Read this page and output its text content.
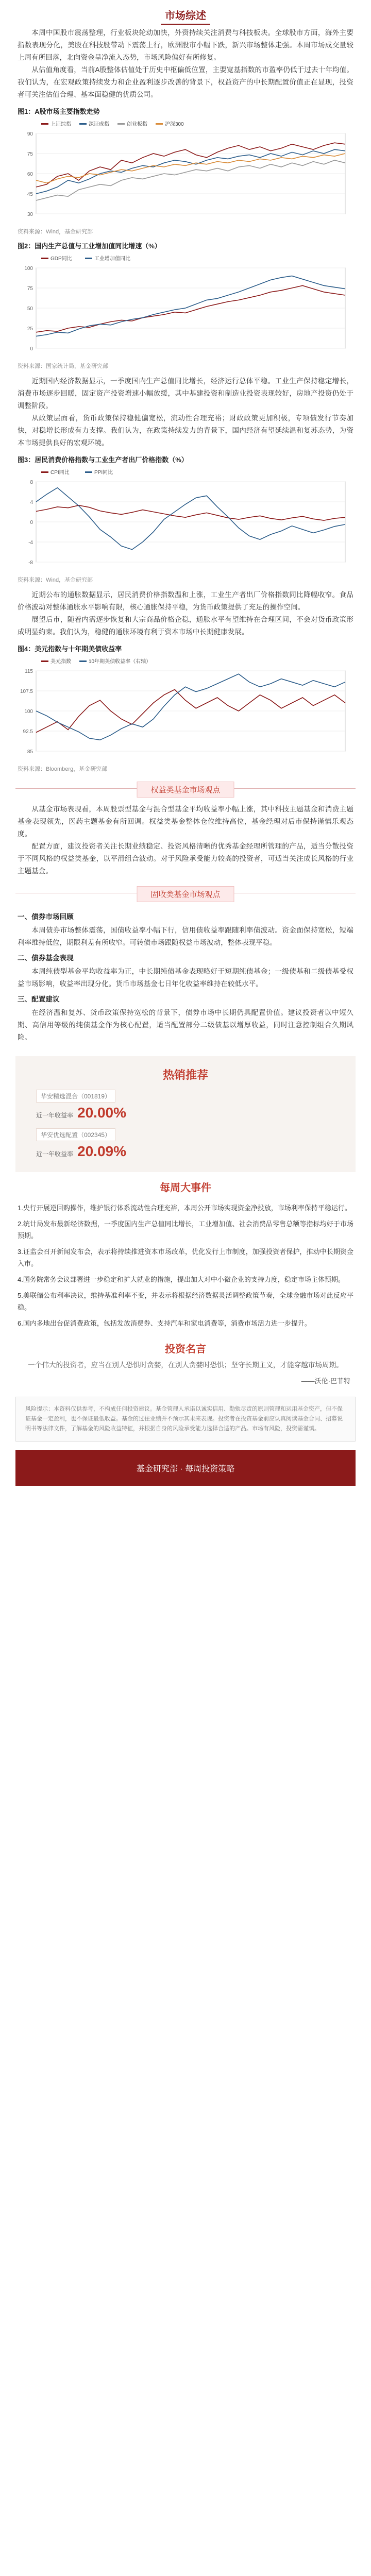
市场综述

本周中国股市震荡整理，行业板块轮动加快，外资持续关注消费与科技板块。全球股市方面，海外主要指数表现分化，美股在科技股带动下震荡上行，欧洲股市小幅下跌，新兴市场整体走强。本周市场成交量较上周有所回落，北向资金呈净流入态势，市场风险偏好有所修复。

从估值角度看，当前A股整体估值处于历史中枢偏低位置，主要宽基指数的市盈率仍低于过去十年均值。我们认为，在宏观政策持续发力和企业盈利逐步改善的背景下，权益资产的中长期配置价值正在显现，投资者可关注估值合理、基本面稳健的优质公司。

图1：A股市场主要指数走势
90
75
60
45
30
上证综指	深证成指	创业板指	沪深300
资料来源：Wind，基金研究部
图2：国内生产总值与工业增加值同比增速（%）
100
75
50
25
0
GDP同比	工业增加值同比
资料来源：国家统计局，基金研究部

近期国内经济数据显示，一季度国内生产总值同比增长，经济运行总体平稳。工业生产保持稳定增长，消费市场逐步回暖，固定资产投资增速小幅放缓，其中基建投资和制造业投资表现较好，房地产投资仍处于调整阶段。

从政策层面看，货币政策保持稳健偏宽松，流动性合理充裕；财政政策更加积极，专项债发行节奏加快，对稳增长形成有力支撑。我们认为，在政策持续发力的背景下，国内经济有望延续温和复苏态势，为资本市场提供良好的宏观环境。

图3：居民消费价格指数与工业生产者出厂价格指数（%）
8
4
0
-4
-8
CPI同比	PPI同比
资料来源：Wind，基金研究部

近期公布的通胀数据显示，居民消费价格指数温和上涨，工业生产者出厂价格指数同比降幅收窄。食品价格波动对整体通胀水平影响有限，核心通胀保持平稳，为货币政策提供了充足的操作空间。

展望后市，随着内需逐步恢复和大宗商品价格企稳，通胀水平有望维持在合理区间，不会对货币政策形成明显约束。我们认为，稳健的通胀环境有利于资本市场中长期健康发展。

图4：美元指数与十年期美债收益率
115
107.5
100
92.5
85
美元指数	10年期美债收益率（右轴）
资料来源：Bloomberg，基金研究部
权益类基金市场观点

从基金市场表现看，本周股票型基金与混合型基金平均收益率小幅上涨，其中科技主题基金和消费主题基金表现领先，医药主题基金有所回调。权益类基金整体仓位维持高位，基金经理对后市保持谨慎乐观态度。

配置方面，建议投资者关注长期业绩稳定、投资风格清晰的优秀基金经理所管理的产品，适当分散投资于不同风格的权益类基金，以平滑组合波动。对于风险承受能力较高的投资者，可适当关注成长风格的行业主题基金。

固收类基金市场观点
一、债券市场回顾

本周债券市场整体震荡，国债收益率小幅下行，信用债收益率跟随利率债波动。资金面保持宽松，短端利率维持低位，期限利差有所收窄。可转债市场跟随权益市场波动，整体表现平稳。

二、债券基金表现

本周纯债型基金平均收益率为正，中长期纯债基金表现略好于短期纯债基金；一级债基和二级债基受权益市场影响，收益率出现分化。货币市场基金七日年化收益率维持在较低水平。

三、配置建议

在经济温和复苏、货币政策保持宽松的背景下，债券市场中长期仍具配置价值。建议投资者以中短久期、高信用等级的纯债基金作为核心配置，适当配置部分二级债基以增厚收益，同时注意控制组合久期风险。

热销推荐
华安精选混合（001819）
近一年收益率 20.00%
华安优选配置（002345）
近一年收益率 20.09%
每周大事件

1.央行开展逆回购操作，维护银行体系流动性合理充裕，本周公开市场实现资金净投放，市场利率保持平稳运行。

2.统计局发布最新经济数据，一季度国内生产总值同比增长，工业增加值、社会消费品零售总额等指标均好于市场预期。

3.证监会召开新闻发布会，表示将持续推进资本市场改革，优化发行上市制度，加强投资者保护，推动中长期资金入市。

4.国务院常务会议部署进一步稳定和扩大就业的措施，提出加大对中小微企业的支持力度，稳定市场主体预期。

5.美联储公布利率决议，维持基准利率不变，并表示将根据经济数据灵活调整政策节奏，全球金融市场对此反应平稳。

6.国内多地出台促消费政策，包括发放消费券、支持汽车和家电消费等，消费市场活力进一步提升。

投资名言
一个伟大的投资者，应当在别人恐惧时贪婪，在别人贪婪时恐惧；坚守长期主义，才能穿越市场周期。
——沃伦·巴菲特
风险提示：本资料仅供参考，不构成任何投资建议。基金管理人承诺以诚实信用、勤勉尽责的原则管理和运用基金资产，但不保证基金一定盈利，也不保证最低收益。基金的过往业绩并不预示其未来表现。投资者在投资基金前应认真阅读基金合同、招募说明书等法律文件，了解基金的风险收益特征，并根据自身的风险承受能力选择合适的产品。市场有风险，投资需谨慎。
基金研究部 · 每周投资策略
